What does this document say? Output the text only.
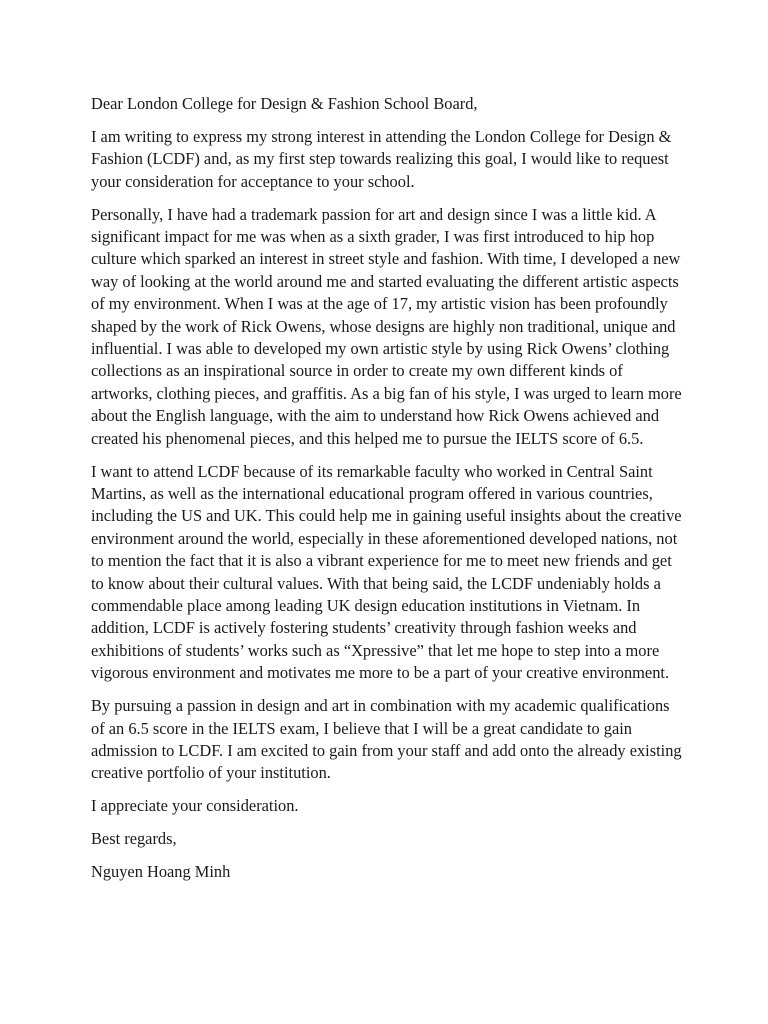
Dear London College for Design & Fashion School Board,

I am writing to express my strong interest in attending the London College for Design & Fashion (LCDF) and, as my first step towards realizing this goal, I would like to request your consideration for acceptance to your school.

Personally, I have had a trademark passion for art and design since I was a little kid. A significant impact for me was when as a sixth grader, I was first introduced to hip hop culture which sparked an interest in street style and fashion. With time, I developed a new way of looking at the world around me and started evaluating the different artistic aspects of my environment. When I was at the age of 17, my artistic vision has been profoundly shaped by the work of Rick Owens, whose designs are highly non traditional, unique and influential. I was able to developed my own artistic style by using Rick Owens’ clothing collections as an inspirational source in order to create my own different kinds of artworks, clothing pieces, and graffitis. As a big fan of his style, I was urged to learn more about the English language, with the aim to understand how Rick Owens achieved and created his phenomenal pieces, and this helped me to pursue the IELTS score of 6.5.

I want to attend LCDF because of its remarkable faculty who worked in Central Saint Martins, as well as the international educational program offered in various countries, including the US and UK. This could help me in gaining useful insights about the creative environment around the world, especially in these aforementioned developed nations, not to mention the fact that it is also a vibrant experience for me to meet new friends and get to know about their cultural values. With that being said, the LCDF undeniably holds a commendable place among leading UK design education institutions in Vietnam. In addition, LCDF is actively fostering students’ creativity through fashion weeks and exhibitions of students’ works such as “Xpressive” that let me hope to step into a more vigorous environment and motivates me more to be a part of your creative environment.

By pursuing a passion in design and art in combination with my academic qualifications of an 6.5 score in the IELTS exam, I believe that I will be a great candidate to gain admission to LCDF. I am excited to gain from your staff and add onto the already existing creative portfolio of your institution.

I appreciate your consideration.

Best regards,

Nguyen Hoang Minh
